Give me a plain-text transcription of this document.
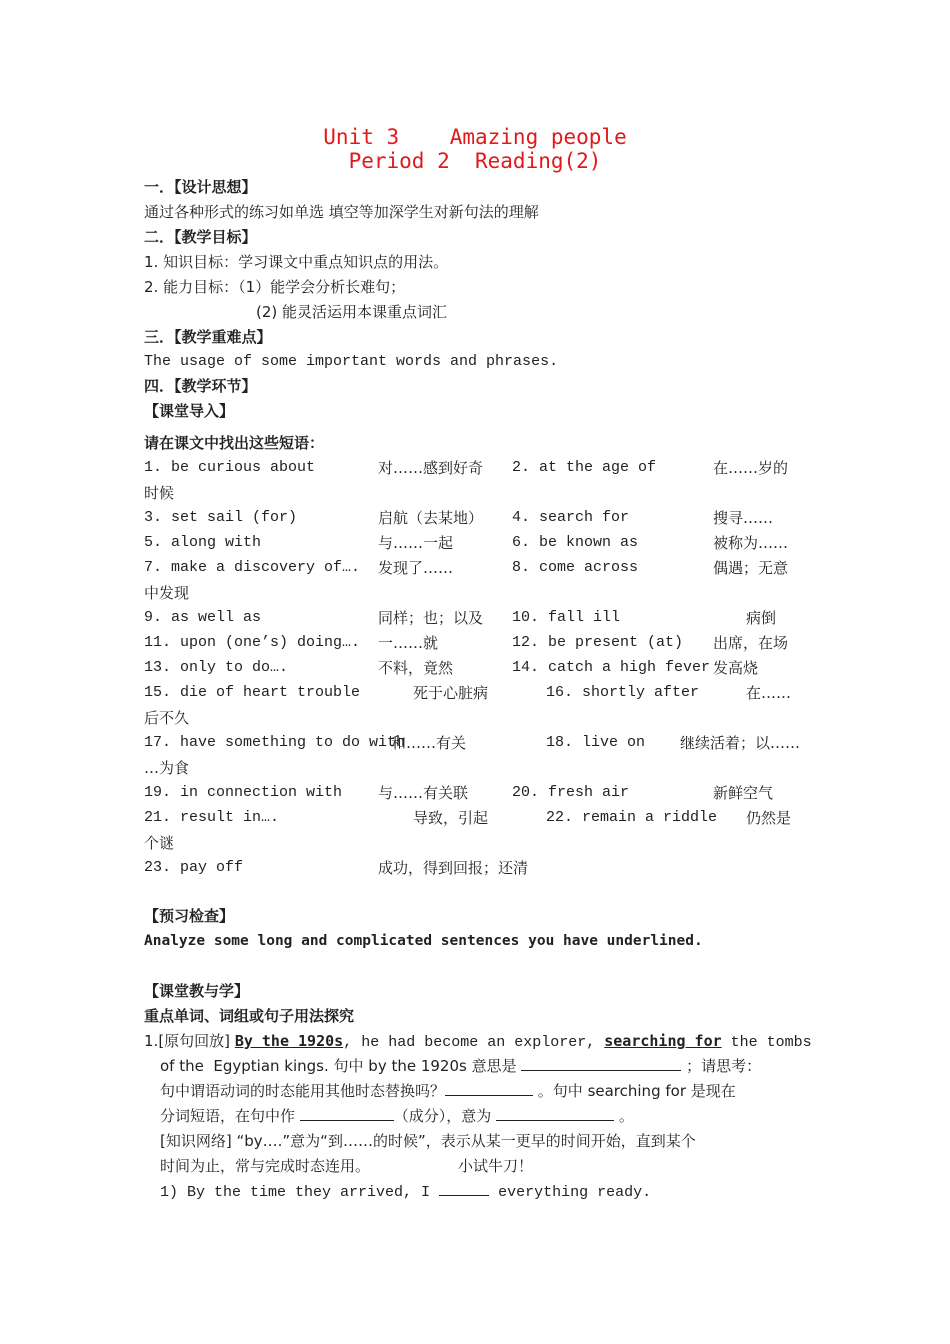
Unit 3    Amazing people
Period 2  Reading(2)
一．【设计思想】
通过各种形式的练习如单选 填空等加深学生对新句法的理解
二．【教学目标】
1. 知识目标：学习课文中重点知识点的用法。
2. 能力目标：（1）能学会分析长难句；
(2) 能灵活运用本课重点词汇
三．【教学重难点】
The usage of some important words and phrases.
四．【教学环节】
【课堂导入】
请在课文中找出这些短语：
1. be curious about	对……感到好奇 2. at the age of	在……岁的
时候
3. set sail (for)	启航（去某地） 4. search for	搜寻……
5. along with	与……一起	6. be known as	被称为……
7. make a discovery of…. 发现了……	8. come across	偶遇；无意
中发现
9. as well as	同样；也；以及 10. fall ill	病倒
11. upon (one’s) doing…. 一……就	12. be present (at) 出席，在场
13. only to do….	不料，竟然	14. catch a high fever 发高烧
15. die of heart trouble	死于心脏病	16. shortly after	在……
后不久
17. have something to do with
和……有关	18. live on 继续活着；以……
…为食
19. in connection with 与……有关联	20. fresh air	新鲜空气
21. result in….	导致，引起	22. remain a riddle 仍然是
个谜
23. pay off	成功，得到回报；还清
【预习检查】
Analyze some long and complicated sentences you have underlined.
【课堂教与学】
重点单词、词组或句子用法探究
1.[原句回放] By the 1920s, he had become an explorer, searching for the tombs
of the  Egyptian kings. 句中 by the 1920s 意思是	；请思考：
句中谓语动词的时态能用其他时态替换吗？	。句中 searching for 是现在
分词短语，在句中作	（成分），意为	。
[知识网络] “by….”意为“到……的时候”，表示从某一更早的时间开始，直到某个
时间为止，常与完成时态连用。	小试牛刀！
1) By the time they arrived, I	everything ready.
